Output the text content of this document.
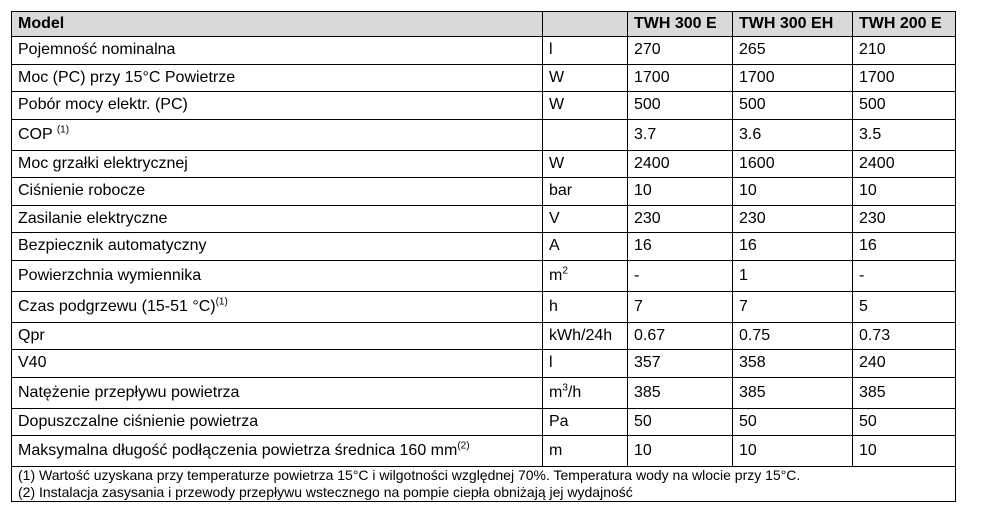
Model		TWH 300 E	TWH 300 EH	TWH 200 E
Pojemność nominalna	l	270	265	210
Moc (PC) przy 15°C Powietrze	W	1700	1700	1700
Pobór mocy elektr. (PC)	W	500	500	500
COP $^{(1)}$		3.7	3.6	3.5
Moc grzałki elektrycznej	W	2400	1600	2400
Ciśnienie robocze	bar	10	10	10
Zasilanie elektryczne	V	230	230	230
Bezpiecznik automatyczny	A	16	16	16
Powierzchnia wymiennika	$m^2$	-	1	-
Czas podgrzewu (15-51 °C)$^{(1)}$	h	7	7	5
Qpr	kWh/24h	0.67	0.75	0.73
V40	l	357	358	240
Natężenie przepływu powietrza	$m^3/h$	385	385	385
Dopuszczalne ciśnienie powietrza	Pa	50	50	50
Maksymalna długość podłączenia powietrza średnica 160 $mm^{(2)}$	m	10	10	10

(1) Wartość uzyskana przy temperaturze powietrza 15°C i wilgotności względnej 70%. Temperatura wody na wlocie przy 15°C.
(2) Instalacja zasysania i przewody przepływu wstecznego na pompie ciepła obniżają jej wydajność				
